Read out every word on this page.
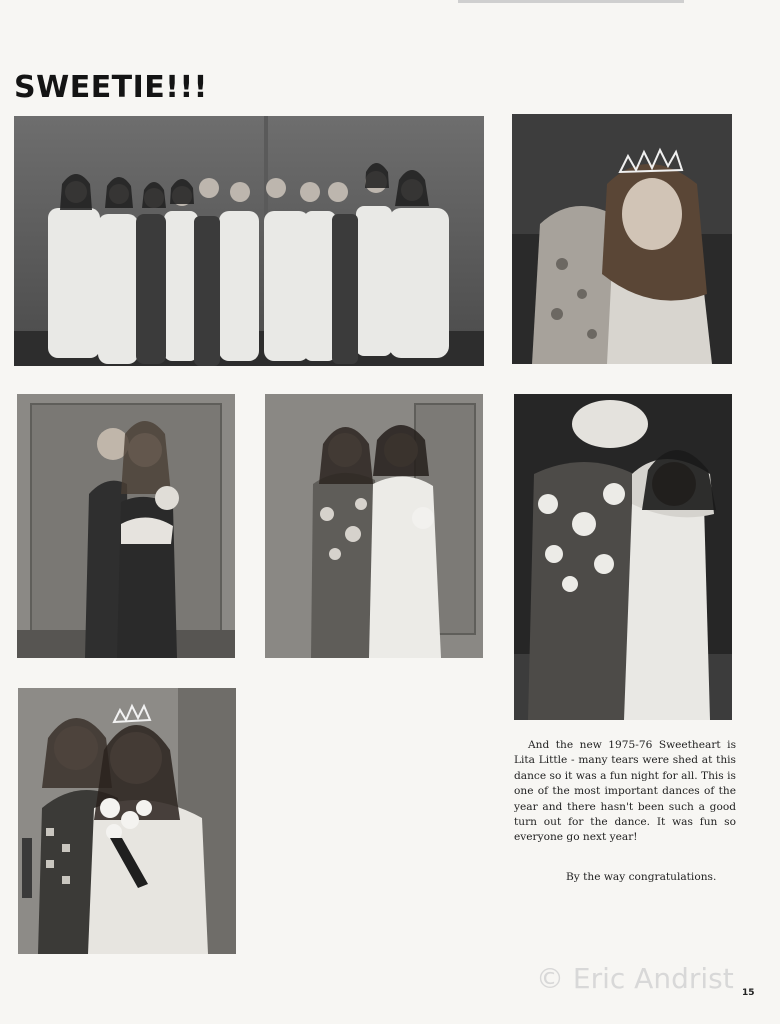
SWEETIE!!!
And the new 1975-76 Sweetheart is Lita Little - many tears were shed at this dance so it was a fun night for all. This is one of the most important dances of the year and there hasn't been such a good turn out for the dance. It was fun so everyone go next year!
By the way congratulations.
© Eric Andrist 15
